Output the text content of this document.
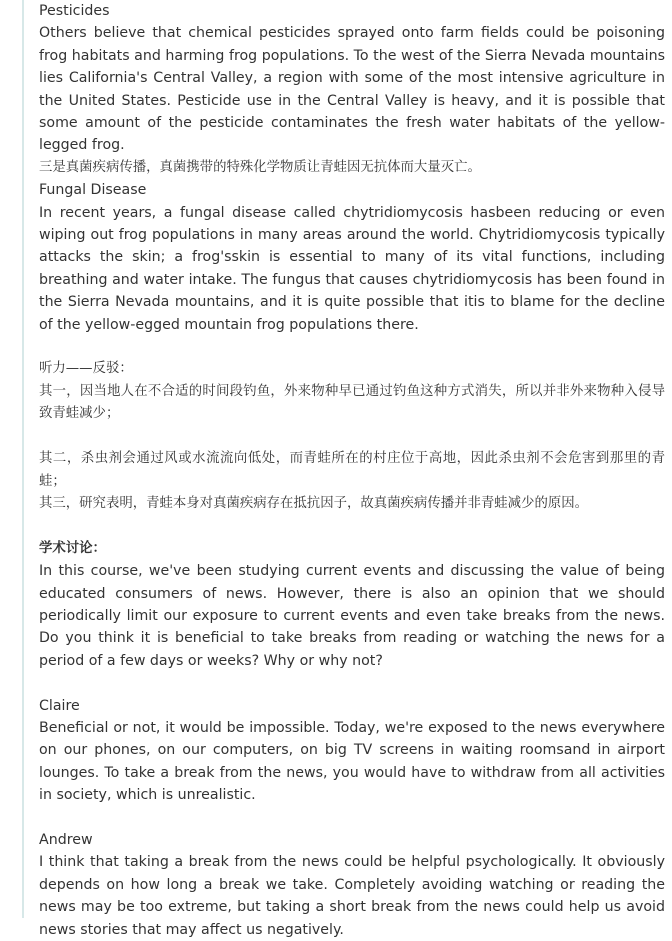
Pesticides

Others believe that chemical pesticides sprayed onto farm fields could be poisoning frog habitats and harming frog populations. To the west of the Sierra Nevada mountains lies California's Central Valley, a region with some of the most intensive agriculture in the United States. Pesticide use in the Central Valley is heavy, and it is possible that some amount of the pesticide contaminates the fresh water habitats of the yellow-legged frog.

三是真菌疾病传播，真菌携带的特殊化学物质让青蛙因无抗体而大量灭亡。

Fungal Disease

In recent years, a fungal disease called chytridiomycosis hasbeen reducing or even wiping out frog populations in many areas around the world. Chytridiomycosis typically attacks the skin; a frog'sskin is essential to many of its vital functions, including breathing and water intake. The fungus that causes chytridiomycosis has been found in the Sierra Nevada mountains, and it is quite possible that itis to blame for the decline of the yellow-egged mountain frog populations there.

听力——反驳：

其一，因当地人在不合适的时间段钓鱼，外来物种早已通过钓鱼这种方式消失，所以并非外来物种入侵导致青蛙减少；

其二，杀虫剂会通过风或水流流向低处，而青蛙所在的村庄位于高地，因此杀虫剂不会危害到那里的青蛙；

其三，研究表明，青蛙本身对真菌疾病存在抵抗因子，故真菌疾病传播并非青蛙减少的原因。

学术讨论：

In this course, we've been studying current events and discussing the value of being educated consumers of news. However, there is also an opinion that we should periodically limit our exposure to current events and even take breaks from the news. Do you think it is beneficial to take breaks from reading or watching the news for a period of a few days or weeks? Why or why not?

Claire

Beneficial or not, it would be impossible. Today, we're exposed to the news everywhere on our phones, on our computers, on big TV screens in waiting roomsand in airport lounges. To take a break from the news, you would have to withdraw from all activities in society, which is unrealistic.

Andrew

I think that taking a break from the news could be helpful psychologically. It obviously depends on how long a break we take. Completely avoiding watching or reading the news may be too extreme, but taking a short break from the news could help us avoid news stories that may affect us negatively.
